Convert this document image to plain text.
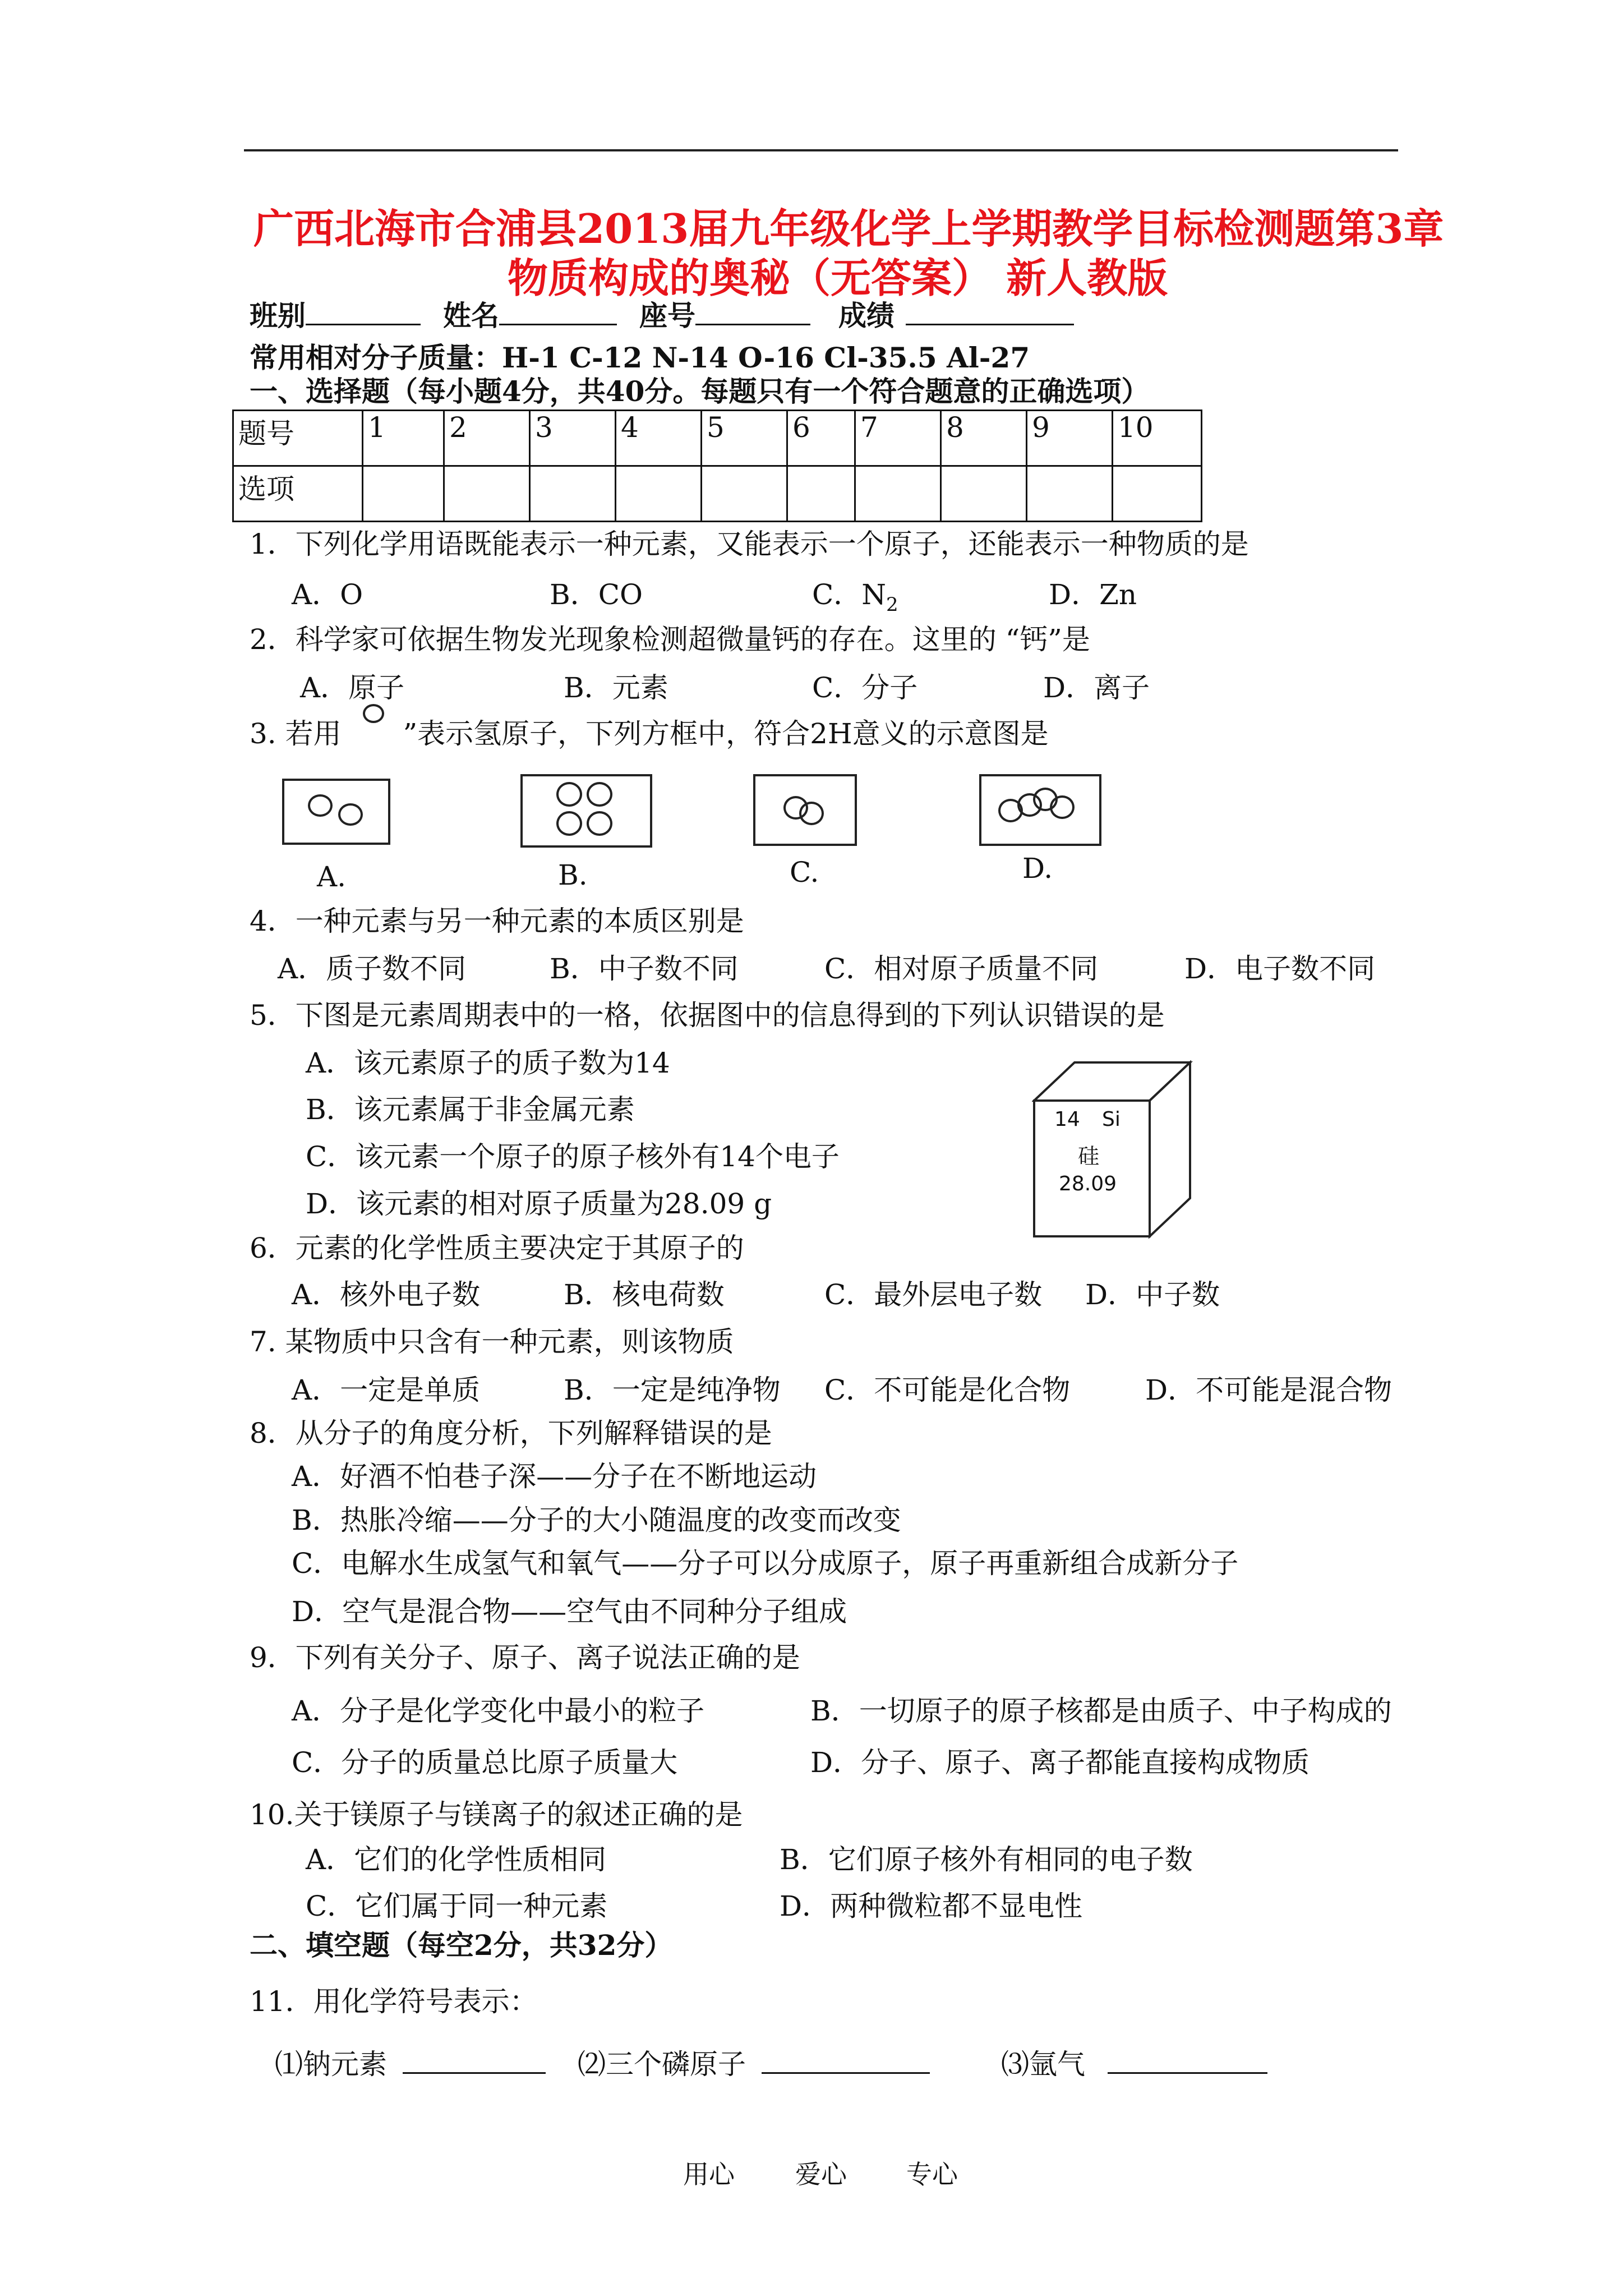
广西北海市合浦县2013届九年级化学上学期教学目标检测题第3章
物质构成的奥秘（无答案） 新人教版
班别	姓名	座号	成绩
常用相对分子质量：H-1 C-12 N-14 O-16 Cl-35.5 Al-27
一、选择题（每小题4分，共40分。每题只有一个符合题意的正确选项）
题号	1	2	3	4	5	6	7	8	9	10
选项										
1．下列化学用语既能表示一种元素，又能表示一个原子，还能表示一种物质的是
A．O	B．CO	C．$N_2$	D．Zn
2．科学家可依据生物发光现象检测超微量钙的存在。这里的 “钙”是
A．原子	B．元素	C．分子	D．离子
3. 若用 ”表示氢原子，下列方框中，符合2H意义的示意图是
A.	B.	C.	D.
4．一种元素与另一种元素的本质区别是
A．质子数不同	B．中子数不同	C．相对原子质量不同	D．电子数不同
5．下图是元素周期表中的一格，依据图中的信息得到的下列认识错误的是
A．该元素原子的质子数为14
B．该元素属于非金属元素
C．该元素一个原子的原子核外有14个电子
D．该元素的相对原子质量为28.09 g
14 Si
硅
28.09
6．元素的化学性质主要决定于其原子的
A．核外电子数	B．核电荷数	C．最外层电子数 D．中子数
7. 某物质中只含有一种元素，则该物质
A．一定是单质	B．一定是纯净物 C．不可能是化合物	D．不可能是混合物
8．从分子的角度分析，下列解释错误的是
A．好酒不怕巷子深——分子在不断地运动
B．热胀冷缩——分子的大小随温度的改变而改变
C．电解水生成氢气和氧气——分子可以分成原子，原子再重新组合成新分子
D．空气是混合物——空气由不同种分子组成
9．下列有关分子、原子、离子说法正确的是
A．分子是化学变化中最小的粒子	B．一切原子的原子核都是由质子、中子构成的
C．分子的质量总比原子质量大	D．分子、原子、离子都能直接构成物质
10.关于镁原子与镁离子的叙述正确的是
A．它们的化学性质相同	B．它们原子核外有相同的电子数
C．它们属于同一种元素	D．两种微粒都不显电性
二、填空题（每空2分，共32分）
11．用化学符号表示：
⑴钠元素	⑵三个磷原子	⑶氩气
用心 爱心 专心
